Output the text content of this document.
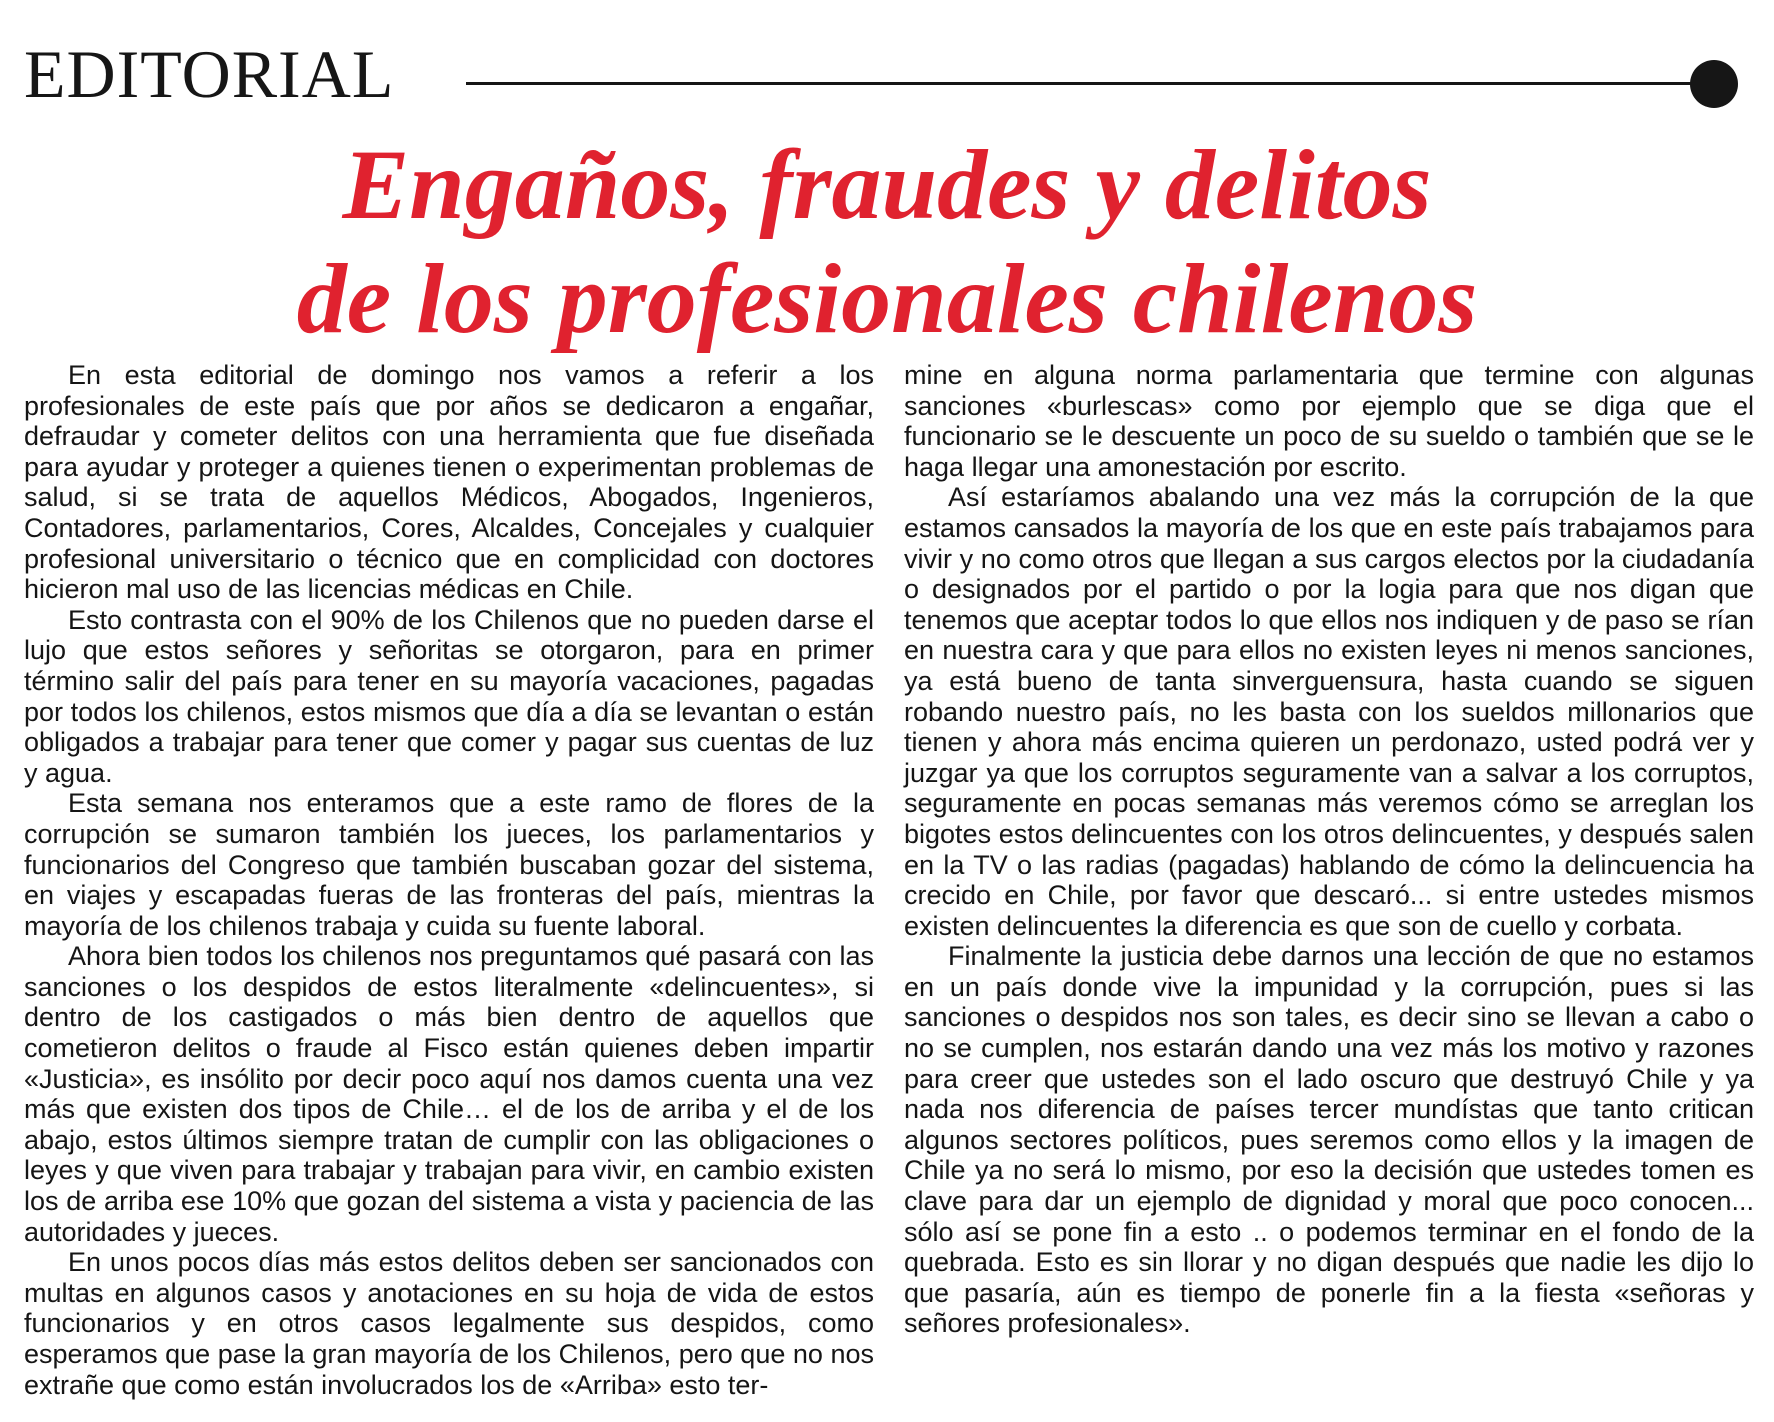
EDITORIAL
Engaños, fraudes y delitos
de los profesionales chilenos

En esta editorial de domingo nos vamos a referir a los profesionales de este país que por años se dedicaron a engañar, defraudar y cometer delitos con una herramienta que fue diseñada para ayudar y proteger a quienes tienen o experimentan problemas de salud, si se trata de aquellos Médicos, Abogados, Ingenieros, Contadores, parlamentarios, Cores, Alcaldes, Concejales y cualquier profesional universitario o técnico que en complicidad con doctores hicieron mal uso de las licencias médicas en Chile.

Esto contrasta con el 90% de los Chilenos que no pueden darse el lujo que estos señores y señoritas se otorgaron, para en primer término salir del país para tener en su mayoría vacaciones, pagadas por todos los chilenos, estos mismos que día a día se levantan o están obligados a trabajar para tener que comer y pagar sus cuentas de luz y agua.

Esta semana nos enteramos que a este ramo de flores de la corrupción se sumaron también los jueces, los parlamentarios y funcionarios del Congreso que también buscaban gozar del sistema, en viajes y escapadas fueras de las fronteras del país, mientras la mayoría de los chilenos trabaja y cuida su fuente laboral.

Ahora bien todos los chilenos nos preguntamos qué pasará con las sanciones o los despidos de estos literalmente «delincuentes», si dentro de los castigados o más bien dentro de aquellos que cometieron delitos o fraude al Fisco están quienes deben impartir «Justicia», es insólito por decir poco aquí nos damos cuenta una vez más que existen dos tipos de Chile… el de los de arriba y el de los abajo, estos últimos siempre tratan de cumplir con las obligaciones o leyes y que viven para trabajar y trabajan para vivir, en cambio existen los de arriba ese 10% que gozan del sistema a vista y paciencia de las autoridades y jueces.

En unos pocos días más estos delitos deben ser sancionados con multas en algunos casos y anotaciones en su hoja de vida de estos funcionarios y en otros casos legalmente sus despidos, como esperamos que pase la gran mayoría de los Chilenos, pero que no nos extrañe que como están involucrados los de «Arriba» esto ter-

mine en alguna norma parlamentaria que termine con algunas sanciones «burlescas» como por ejemplo que se diga que el funcionario se le descuente un poco de su sueldo o también que se le haga llegar una amonestación por escrito.

Así estaríamos abalando una vez más la corrupción de la que estamos cansados la mayoría de los que en este país trabajamos para vivir y no como otros que llegan a sus cargos electos por la ciudadanía o designados por el partido o por la logia para que nos digan que tenemos que aceptar todos lo que ellos nos indiquen y de paso se rían en nuestra cara y que para ellos no existen leyes ni menos sanciones, ya está bueno de tanta sinverguensura, hasta cuando se siguen robando nuestro país, no les basta con los sueldos millonarios que tienen y ahora más encima quieren un perdonazo, usted podrá ver y juzgar ya que los corruptos seguramente van a salvar a los corruptos, seguramente en pocas semanas más veremos cómo se arreglan los bigotes estos delincuentes con los otros delincuentes, y después salen en la TV o las radias (pagadas) hablando de cómo la delincuencia ha crecido en Chile, por favor que descaró... si entre ustedes mismos existen delincuentes la diferencia es que son de cuello y corbata.

Finalmente la justicia debe darnos una lección de que no estamos en un país donde vive la impunidad y la corrupción, pues si las sanciones o despidos nos son tales, es decir sino se llevan a cabo o no se cumplen, nos estarán dando una vez más los motivo y razones para creer que ustedes son el lado oscuro que destruyó Chile y ya nada nos diferencia de países tercer mundístas que tanto critican algunos sectores políticos, pues seremos como ellos y la imagen de Chile ya no será lo mismo, por eso la decisión que ustedes tomen es clave para dar un ejemplo de dignidad y moral que poco conocen... sólo así se pone fin a esto .. o podemos terminar en el fondo de la quebrada. Esto es sin llorar y no digan después que nadie les dijo lo que pasaría, aún es tiempo de ponerle fin a la fiesta «señoras y señores profesionales».
